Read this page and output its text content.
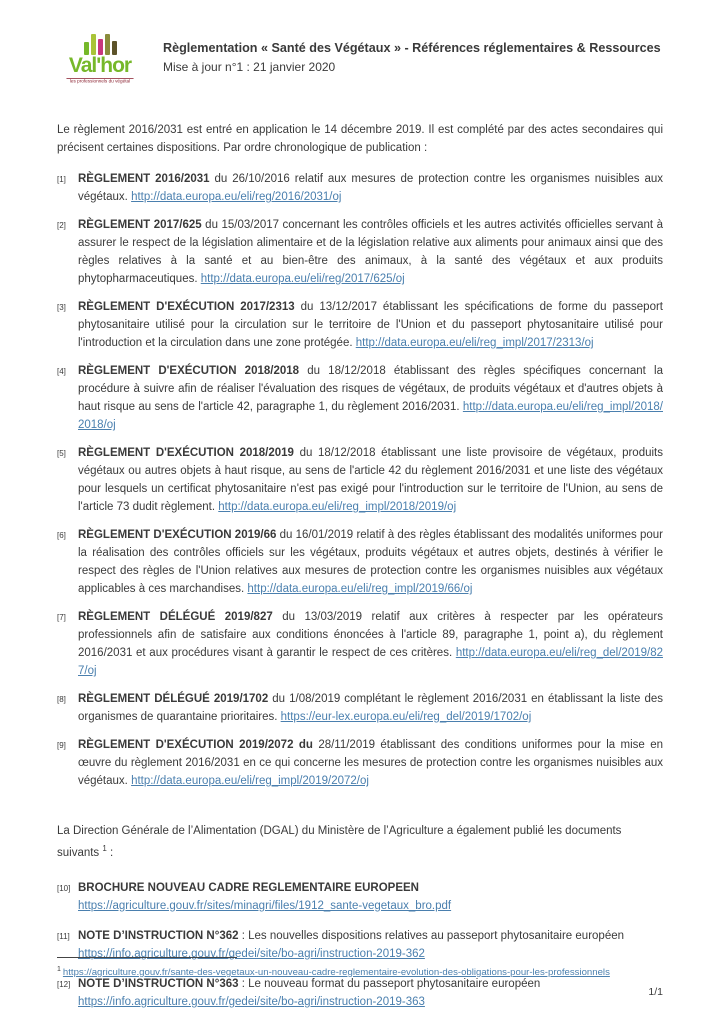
Val'hor
les professionnels du végétal
Règlementation « Santé des Végétaux » - Références réglementaires & Ressources
Mise à jour n°1 : 21 janvier 2020

Le règlement 2016/2031 est entré en application le 14 décembre 2019. Il est complété par des actes secondaires qui précisent certaines dispositions. Par ordre chronologique de publication :

[1] RÈGLEMENT 2016/2031 du 26/10/2016 relatif aux mesures de protection contre les organismes nuisibles aux végétaux. http://data.europa.eu/eli/reg/2016/2031/oj
[2] RÈGLEMENT 2017/625 du 15/03/2017 concernant les contrôles officiels et les autres activités officielles servant à assurer le respect de la législation alimentaire et de la législation relative aux aliments pour animaux ainsi que des règles relatives à la santé et au bien-être des animaux, à la santé des végétaux et aux produits phytopharmaceutiques. http://data.europa.eu/eli/reg/2017/625/oj
[3] RÈGLEMENT D'EXÉCUTION 2017/2313 du 13/12/2017 établissant les spécifications de forme du passeport phytosanitaire utilisé pour la circulation sur le territoire de l'Union et du passeport phytosanitaire utilisé pour l'introduction et la circulation dans une zone protégée. http://data.europa.eu/eli/reg_impl/2017/2313/oj
[4] RÈGLEMENT D'EXÉCUTION 2018/2018 du 18/12/2018 établissant des règles spécifiques concernant la procédure à suivre afin de réaliser l'évaluation des risques de végétaux, de produits végétaux et d'autres objets à haut risque au sens de l'article 42, paragraphe 1, du règlement 2016/2031. http://data.europa.eu/eli/reg_impl/2018/2018/oj
[5] RÈGLEMENT D'EXÉCUTION 2018/2019 du 18/12/2018 établissant une liste provisoire de végétaux, produits végétaux ou autres objets à haut risque, au sens de l'article 42 du règlement 2016/2031 et une liste des végétaux pour lesquels un certificat phytosanitaire n'est pas exigé pour l'introduction sur le territoire de l'Union, au sens de l'article 73 dudit règlement. http://data.europa.eu/eli/reg_impl/2018/2019/oj
[6] RÈGLEMENT D'EXÉCUTION 2019/66 du 16/01/2019 relatif à des règles établissant des modalités uniformes pour la réalisation des contrôles officiels sur les végétaux, produits végétaux et autres objets, destinés à vérifier le respect des règles de l'Union relatives aux mesures de protection contre les organismes nuisibles aux végétaux applicables à ces marchandises. http://data.europa.eu/eli/reg_impl/2019/66/oj
[7] RÈGLEMENT DÉLÉGUÉ 2019/827 du 13/03/2019 relatif aux critères à respecter par les opérateurs professionnels afin de satisfaire aux conditions énoncées à l'article 89, paragraphe 1, point a), du règlement 2016/2031 et aux procédures visant à garantir le respect de ces critères. http://data.europa.eu/eli/reg_del/2019/827/oj
[8] RÈGLEMENT DÉLÉGUÉ 2019/1702 du 1/08/2019 complétant le règlement 2016/2031 en établissant la liste des organismes de quarantaine prioritaires. https://eur-lex.europa.eu/eli/reg_del/2019/1702/oj
[9] RÈGLEMENT D'EXÉCUTION 2019/2072 du 28/11/2019 établissant des conditions uniformes pour la mise en œuvre du règlement 2016/2031 en ce qui concerne les mesures de protection contre les organismes nuisibles aux végétaux. http://data.europa.eu/eli/reg_impl/2019/2072/oj

La Direction Générale de l’Alimentation (DGAL) du Ministère de l’Agriculture a également publié les documents suivants $^1$ :

[10] BROCHURE NOUVEAU CADRE REGLEMENTAIRE EUROPEEN
https://agriculture.gouv.fr/sites/minagri/files/1912_sante-vegetaux_bro.pdf
[11] NOTE D’INSTRUCTION N°362 : Les nouvelles dispositions relatives au passeport phytosanitaire européen
https://info.agriculture.gouv.fr/gedei/site/bo-agri/instruction-2019-362
[12] NOTE D’INSTRUCTION N°363 : Le nouveau format du passeport phytosanitaire européen
https://info.agriculture.gouv.fr/gedei/site/bo-agri/instruction-2019-363
$^1$ https://agriculture.gouv.fr/sante-des-vegetaux-un-nouveau-cadre-reglementaire-evolution-des-obligations-pour-les-professionnels
1/1
